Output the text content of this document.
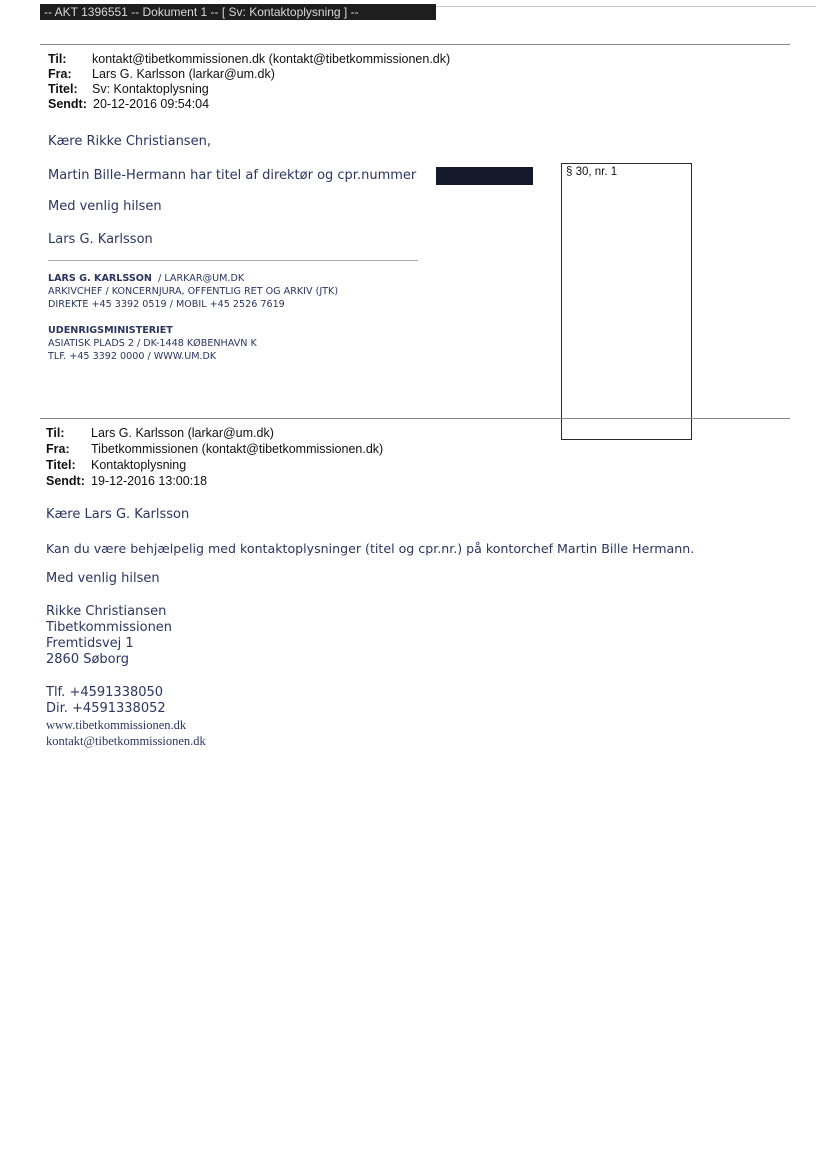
-- AKT 1396551 -- Dokument 1 -- [ Sv: Kontaktoplysning ] --
Til: kontakt@tibetkommissionen.dk (kontakt@tibetkommissionen.dk)
Fra: Lars G. Karlsson (larkar@um.dk)
Titel: Sv: Kontaktoplysning
Sendt: 20-12-2016 09:54:04
Kære Rikke Christiansen,
Martin Bille-Hermann har titel af direktør og cpr.nummer
Med venlig hilsen
Lars G. Karlsson
LARS G. KARLSSON / LARKAR@UM.DK
ARKIVCHEF / KONCERNJURA, OFFENTLIG RET OG ARKIV (JTK)
DIREKTE +45 3392 0519 / MOBIL +45 2526 7619
UDENRIGSMINISTERIET
ASIATISK PLADS 2 / DK-1448 KØBENHAVN K
TLF. +45 3392 0000 / WWW.UM.DK
§ 30, nr. 1
Til: Lars G. Karlsson (larkar@um.dk)
Fra: Tibetkommissionen (kontakt@tibetkommissionen.dk)
Titel: Kontaktoplysning
Sendt: 19-12-2016 13:00:18
Kære Lars G. Karlsson
Kan du være behjælpelig med kontaktoplysninger (titel og cpr.nr.) på kontorchef Martin Bille Hermann.
Med venlig hilsen
Rikke Christiansen
Tibetkommissionen
Fremtidsvej 1
2860 Søborg
Tlf. +4591338050
Dir. +4591338052
www.tibetkommissionen.dk
kontakt@tibetkommissionen.dk
